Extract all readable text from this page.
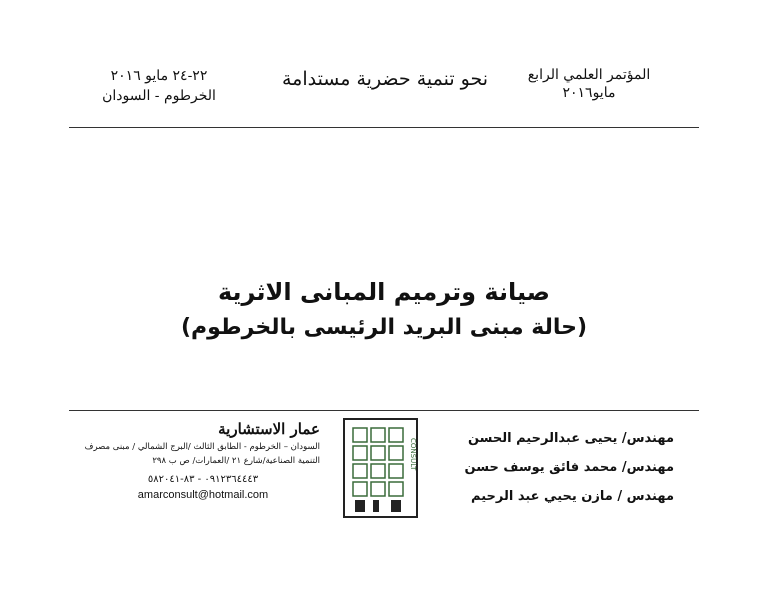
المؤتمر العلمي الرابع
مايو٢٠١٦
نحو تنمية حضرية مستدامة
٢٢-٢٤ مايو ٢٠١٦
الخرطوم - السودان
صيانة وترميم المبانى الاثرية
(حالة مبنى البريد الرئيسى بالخرطوم)
مهندس/ يحيى عبدالرحيم الحسن
مهندس/ محمد فائق يوسف حسن
مهندس / مازن يحيي عبد الرحيم
CONSULT
عمار الاستشارية
السودان – الخرطوم - الطابق الثالث /البرج الشمالي / مبنى مصرف
التنمية الصناعية/شارع ٢١ /العمارات/ ص ب ٢٩٨
٠٩١٢٣٦٤٤٤٣ - ٨٣-٥٨٢٠٤١
amarconsult@hotmail.com
